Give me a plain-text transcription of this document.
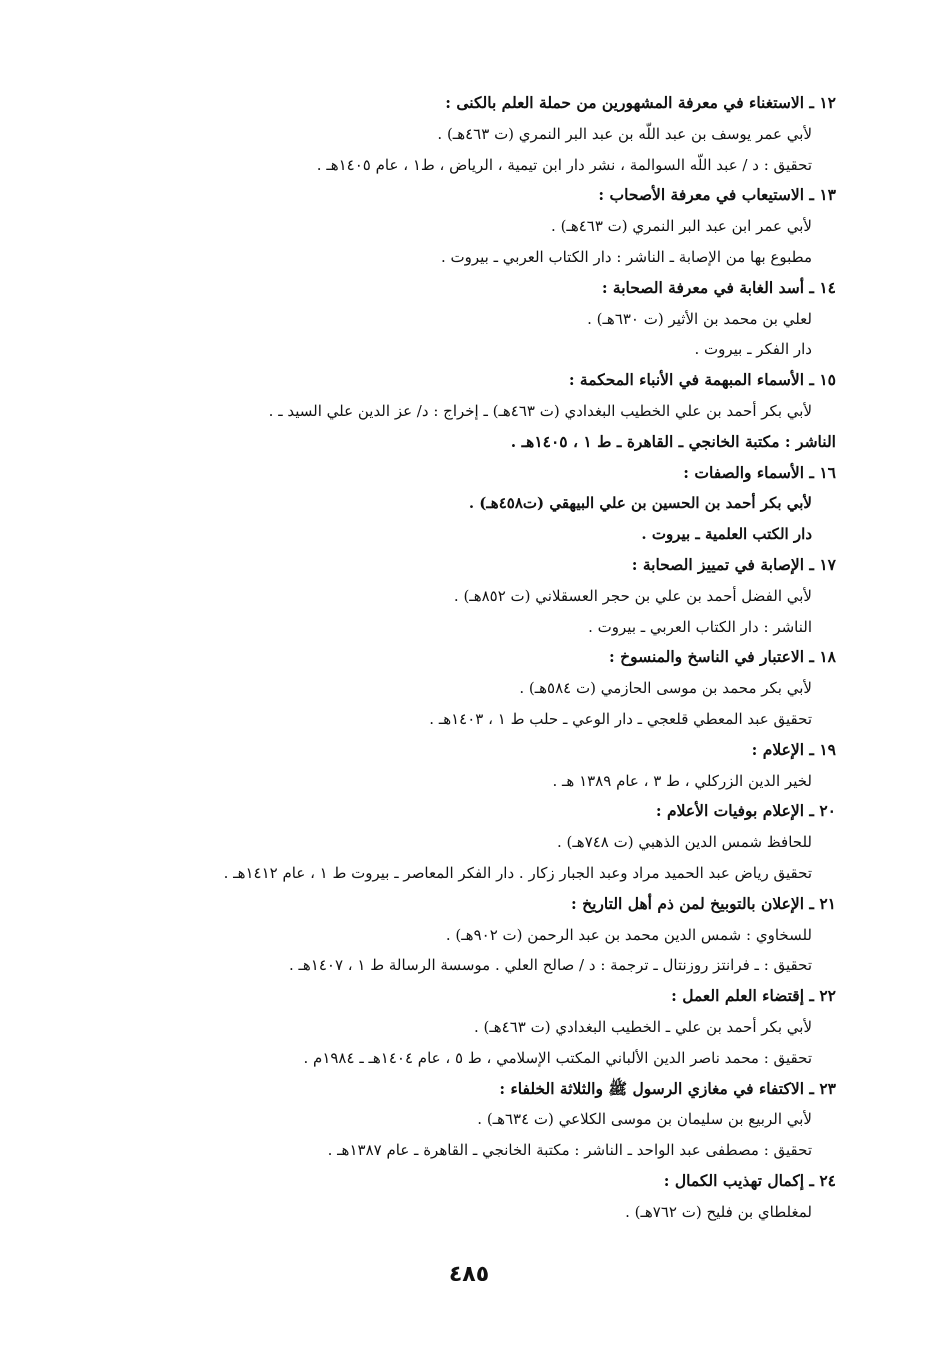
١٢ ـ الاستغناء في معرفة المشهورين من حملة العلم بالكنى :
لأبي عمر يوسف بن عبد اللّه بن عبد البر النمري (ت ٤٦٣هـ) .
تحقيق : د / عبد اللّه السوالمة ، نشر دار ابن تيمية ، الرياض ، ط١ ، عام ١٤٠٥هـ .
١٣ ـ الاستيعاب في معرفة الأصحاب :
لأبي عمر ابن عبد البر النمري (ت ٤٦٣هـ) .
مطبوع بها من الإصابة ـ الناشر : دار الكتاب العربي ـ بيروت .
١٤ ـ أسد الغابة في معرفة الصحابة :
لعلي بن محمد بن الأثير (ت ٦٣٠هـ) .
دار الفكر ـ بيروت .
١٥ ـ الأسماء المبهمة في الأنباء المحكمة :
لأبي بكر أحمد بن علي الخطيب البغدادي (ت ٤٦٣هـ) ـ إخراج : د/ عز الدين علي السيد ـ .
الناشر : مكتبة الخانجي ـ القاهرة ـ ط ١ ، ١٤٠٥هـ .
١٦ ـ الأسماء والصفات :
لأبي بكر أحمد بن الحسين بن علي البيهقي (ت٤٥٨هـ) .
دار الكتب العلمية ـ بيروت .
١٧ ـ الإصابة في تمييز الصحابة :
لأبي الفضل أحمد بن علي بن حجر العسقلاني (ت ٨٥٢هـ) .
الناشر : دار الكتاب العربي ـ بيروت .
١٨ ـ الاعتبار في الناسخ والمنسوخ :
لأبي بكر محمد بن موسى الحازمي (ت ٥٨٤هـ) .
تحقيق عبد المعطي قلعجي ـ دار الوعي ـ حلب ط ١ ، ١٤٠٣هـ .
١٩ ـ الإعلام :
لخير الدين الزركلي ، ط ٣ ، عام ١٣٨٩ هـ .
٢٠ ـ الإعلام بوفيات الأعلام :
للحافظ شمس الدين الذهبي (ت ٧٤٨هـ) .
تحقيق رياض عبد الحميد مراد وعبد الجبار زكار . دار الفكر المعاصر ـ بيروت ط ١ ، عام ١٤١٢هـ .
٢١ ـ الإعلان بالتوبيخ لمن ذم أهل التاريخ :
للسخاوي : شمس الدين محمد بن عبد الرحمن (ت ٩٠٢هـ) .
تحقيق : ـ فرانتز روزنتال ـ ترجمة : د / صالح العلي . موسسة الرسالة ط ١ ، ١٤٠٧هـ .
٢٢ ـ إقتضاء العلم العمل :
لأبي بكر أحمد بن علي ـ الخطيب البغدادي (ت ٤٦٣هـ) .
تحقيق : محمد ناصر الدين الألباني المكتب الإسلامي ، ط ٥ ، عام ١٤٠٤هـ ـ ١٩٨٤م .
٢٣ ـ الاكتفاء في مغازي الرسول ﷺ والثلاثة الخلفاء :
لأبي الربيع بن سليمان بن موسى الكلاعي (ت ٦٣٤هـ) .
تحقيق : مصطفى عبد الواحد ـ الناشر : مكتبة الخانجي ـ القاهرة ـ عام ١٣٨٧هـ .
٢٤ ـ إكمال تهذيب الكمال :
لمغلطاي بن فليح (ت ٧٦٢هـ) .
٤٨٥
